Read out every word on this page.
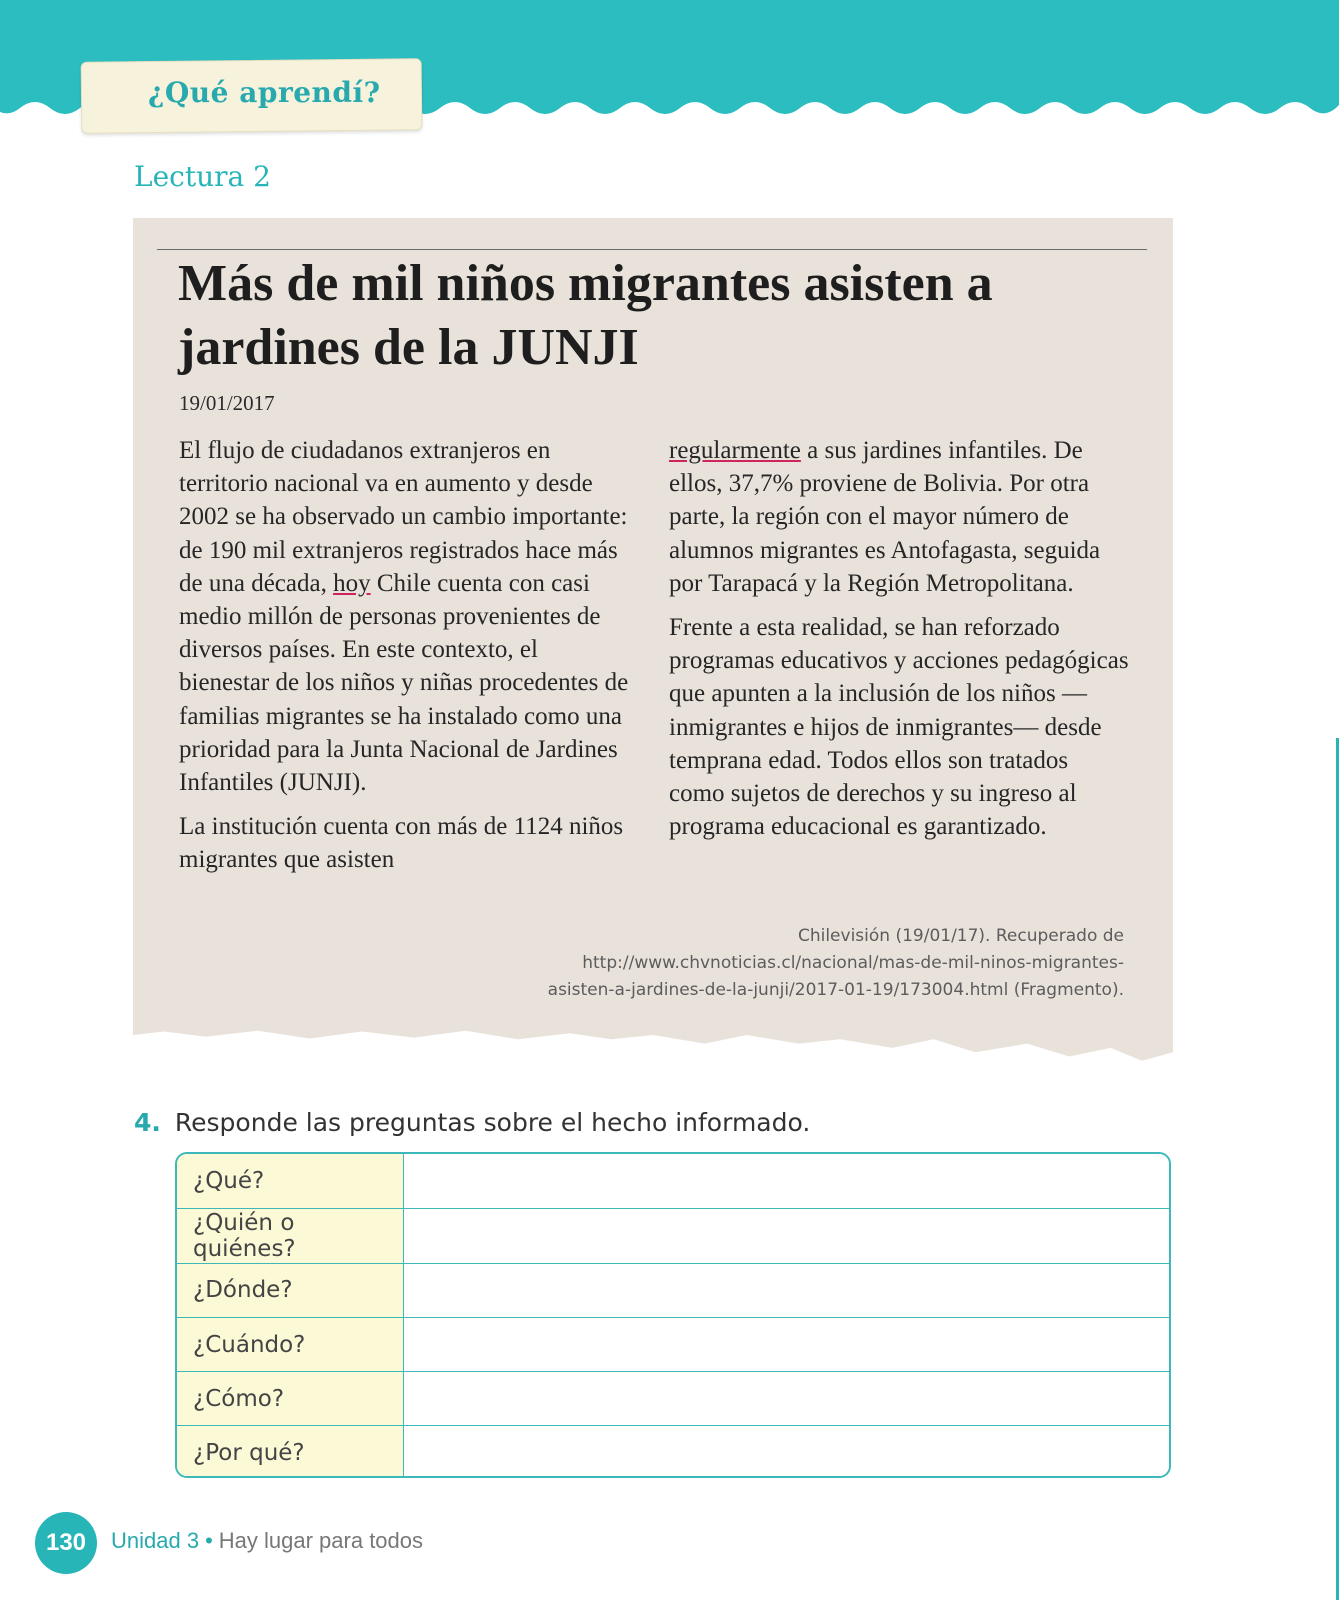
¿Qué aprendí?
Lectura 2
Más de mil niños migrantes asisten a jardines de la JUNJI

19/01/2017

El flujo de ciudadanos extranjeros en territorio nacional va en aumento y desde 2002 se ha observado un cambio importante: de 190 mil extranjeros registrados hace más de una década, hoy Chile cuenta con casi medio millón de personas provenientes de diversos países. En este contexto, el bienestar de los niños y niñas procedentes de familias migrantes se ha instalado como una prioridad para la Junta Nacional de Jardines Infantiles (JUNJI).

La institución cuenta con más de 1124 niños migrantes que asisten

regularmente a sus jardines infantiles. De ellos, 37,7% proviene de Bolivia. Por otra parte, la región con el mayor número de alumnos migrantes es Antofagasta, seguida por Tarapacá y la Región Metropolitana.

Frente a esta realidad, se han reforzado programas educativos y acciones pedagógicas que apunten a la inclusión de los niños —inmigrantes e hijos de inmigrantes— desde temprana edad. Todos ellos son tratados como sujetos de derechos y su ingreso al programa educacional es garantizado.

Chilevisión (19/01/17). Recuperado de http://www.chvnoticias.cl/nacional/mas-de-mil-ninos-migrantes-asisten-a-jardines-de-la-junji/2017-01-19/173004.html (Fragmento).
4. Responde las preguntas sobre el hecho informado.
¿Qué?
¿Quién o quiénes?
¿Dónde?
¿Cuándo?
¿Cómo?
¿Por qué?
130	Unidad 3 • Hay lugar para todos
